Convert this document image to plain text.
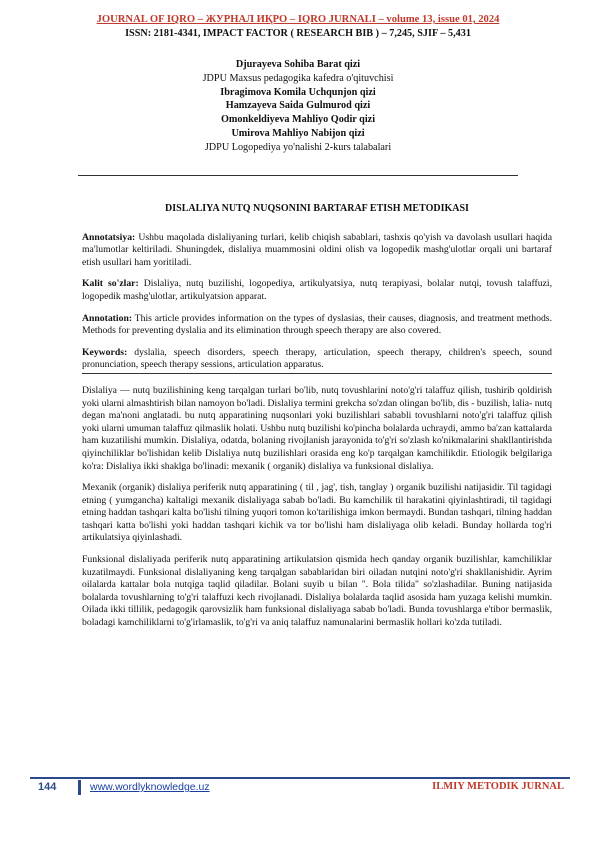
JOURNAL OF IQRO – ЖУРНАЛ ИҚРО – IQRO JURNALI – volume 13, issue 01, 2024
ISSN: 2181-4341, IMPACT FACTOR ( RESEARCH BIB ) – 7,245, SJIF – 5,431
Djurayeva Sohiba Barat qizi
JDPU Maxsus pedagogika kafedra o'qituvchisi
Ibragimova Komila Uchqunjon qizi
Hamzayeva Saida Gulmurod qizi
Omonkeldiyeva Mahliyo Qodir qizi
Umirova Mahliyo Nabijon qizi
JDPU Logopediya yo'nalishi 2-kurs talabalari
DISLALIYA NUTQ NUQSONINI BARTARAF ETISH METODIKASI

Annotatsiya: Ushbu maqolada dislaliyaning turlari, kelib chiqish sabablari, tashxis qo'yish va davolash usullari haqida ma'lumotlar keltiriladi. Shuningdek, dislaliya muammosini oldini olish va logopedik mashg'ulotlar orqali uni bartaraf etish usullari ham yoritiladi.

Kalit so'zlar: Dislaliya, nutq buzilishi, logopediya, artikulyatsiya, nutq terapiyasi, bolalar nutqi, tovush talaffuzi, logopedik mashg'ulotlar, artikulyatsion apparat.

Annotation: This article provides information on the types of dyslasias, their causes, diagnosis, and treatment methods. Methods for preventing dyslalia and its elimination through speech therapy are also covered.

Keywords: dyslalia, speech disorders, speech therapy, articulation, speech therapy, children's speech, sound pronunciation, speech therapy sessions, articulation apparatus.

Dislaliya — nutq buzilishining keng tarqalgan turlari bo'lib, nutq tovushlarini noto'g'ri talaffuz qilish, tushirib qoldirish yoki ularni almashtirish bilan namoyon bo'ladi. Dislaliya termini grekcha so'zdan olingan bo'lib, dis - buzilish, lalia- nutq degan ma'noni anglatadi. bu nutq apparatining nuqsonlari yoki buzilishlari sababli tovushlarni noto'g'ri talaffuz qilish yoki ularni umuman talaffuz qilmaslik holati. Ushbu nutq buzilishi ko'pincha bolalarda uchraydi, ammo ba'zan kattalarda ham kuzatilishi mumkin. Dislaliya, odatda, bolaning rivojlanish jarayonida to'g'ri so'zlash ko'nikmalarini shakllantirishda qiyinchiliklar bo'lishidan kelib Dislaliya nutq buzilishlari orasida eng ko'p tarqalgan kamchilikdir. Etiologik belgilariga ko'ra: Dislaliya ikki shaklga bo'linadi: mexanik ( organik) dislaliya va funksional dislaliya.

Mexanik (organik) dislaliya periferik nutq apparatining ( til , jag', tish, tanglay ) organik buzilishi natijasidir. Til tagidagi etning ( yumgancha) kaltaligi mexanik dislaliyaga sabab bo'ladi. Bu kamchilik til harakatini qiyinlashtiradi, til tagidagi etning haddan tashqari kalta bo'lishi tilning yuqori tomon ko'tarilishiga imkon bermaydi. Bundan tashqari, tilning haddan tashqari katta bo'lishi yoki haddan tashqari kichik va tor bo'lishi ham dislaliyaga olib keladi. Bunday hollarda tog'ri artikulatsiya qiyinlashadi.

Funksional dislaliyada periferik nutq apparatining artikulatsion qismida hech qanday organik buzilishlar, kamchiliklar kuzatilmaydi. Funksional dislaliyaning keng tarqalgan sabablaridan biri oiladan nutqini noto'g'ri shakllanishidir. Ayrim oilalarda kattalar bola nutqiga taqlid qiladilar. Bolani suyib u bilan ". Bola tilida" so'zlashadilar. Buning natijasida bolalarda tovushlarning to'g'ri talaffuzi kech rivojlanadi. Dislaliya bolalarda taqlid asosida ham yuzaga kelishi mumkin. Oilada ikki tillilik, pedagogik qarovsizlik ham funksional dislaliyaga sabab bo'ladi. Bunda tovushlarga e'tibor bermaslik, boladagi kamchiliklarni to'g'irlamaslik, to'g'ri va aniq talaffuz namunalarini bermaslik hollari ko'zda tutiladi.

144	www.wordlyknowledge.uz	ILMIY METODIK JURNAL
